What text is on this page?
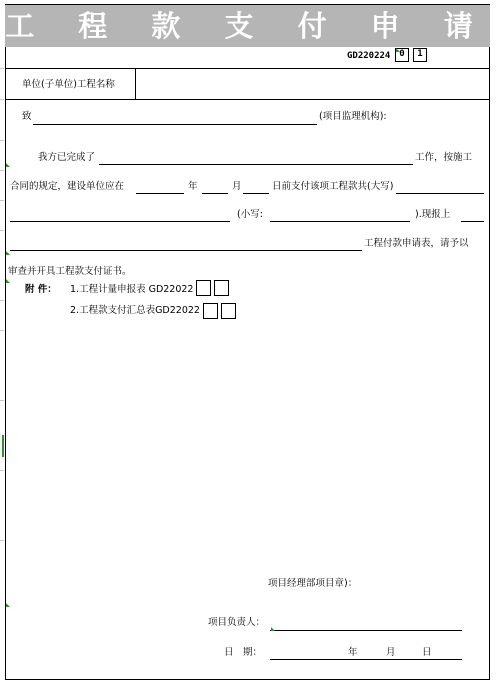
工 程 款 支 付 申 请 表	GD220224 0	1
单位(子单位)工程名称
致	(项目监理机构):
我方已完成了	工作，按施工
合同的规定，建设单位应在	年	月	日前支付该项工程款共(大写)
(小写:	).现报上
工程付款申请表，请予以
审查并开具工程款支付证书。
附 件： 1.工程计量申报表 GD22022
2.工程款支付汇总表GD22022
项目经理部项目章)：
项目负责人：
日　期：	年	月	日
